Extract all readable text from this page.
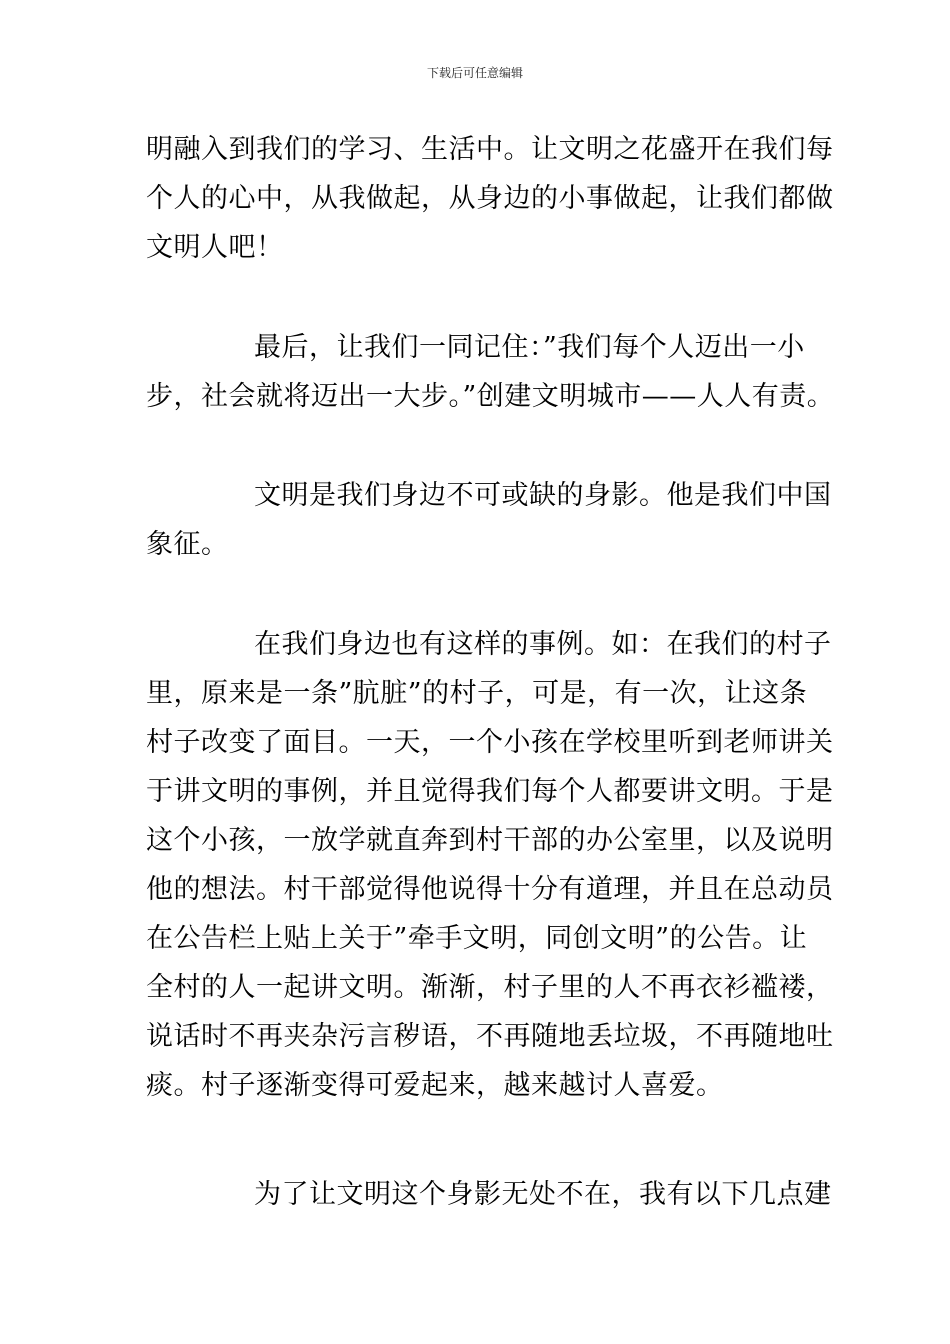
下载后可任意编辑
明融入到我们的学习、生活中。让文明之花盛开在我们每
个人的心中，从我做起，从身边的小事做起，让我们都做
文明人吧！
最后，让我们一同记住：”我们每个人迈出一小
步，社会就将迈出一大步。”创建文明城市——人人有责。
文明是我们身边不可或缺的身影。他是我们中国
象征。
在我们身边也有这样的事例。如：在我们的村子
里，原来是一条”肮脏”的村子，可是，有一次，让这条
村子改变了面目。一天，一个小孩在学校里听到老师讲关
于讲文明的事例，并且觉得我们每个人都要讲文明。于是
这个小孩，一放学就直奔到村干部的办公室里，以及说明
他的想法。村干部觉得他说得十分有道理，并且在总动员
在公告栏上贴上关于”牵手文明，同创文明”的公告。让
全村的人一起讲文明。渐渐，村子里的人不再衣衫褴褛，
说话时不再夹杂污言秽语，不再随地丢垃圾，不再随地吐
痰。村子逐渐变得可爱起来，越来越讨人喜爱。
为了让文明这个身影无处不在，我有以下几点建
